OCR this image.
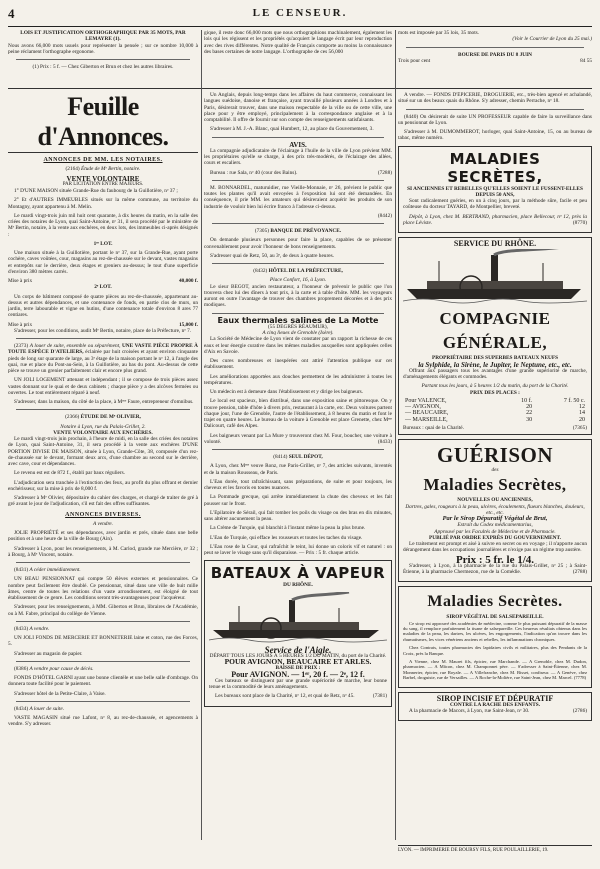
4	LE CENSEUR.
LOIS ET JUSTIFICATION ORTHOGRAPHIQUE PAR 35 MOTS, PAR LEMAYRE (1).
Nous avons 66,000 mots usuels pour représenter la pensée ; sur ce nombre 10,000 à peine réclament l'orthographe ergonome.
(1) Prix : 5 f. — Chez Giberton et Brun et chez les autres libraires.
gique, il reste donc 66,000 mots que nous orthographions machinalement, également les lois qui les régissent et les propriétés qu'acquiert le langage écrit par leur reproduction avec des rives différentes. Notre qualité de Français comporte au moins la connaissance des bases certaines de notre langage. L'orthographe de ces 56,000
mots est imposée par 35 lois, 35 mots.
(Voir le Courrier de Lyon du 25 mai.)
BOURSE DE PARIS DU 8 JUIN
Trois pour cent	84 55
Feuille d'Annonces.
ANNONCES DE MM. LES NOTAIRES.

(2164) Étude de Mᵉ Bertin, notaire.

VENTE VOLONTAIRE
PAR LICITATION ENTRE MAJEURS.

1° D'UNE MAISON située Grande-Rue du faubourg de la Guillotière, nᵒ 37 ;

2° Et d'AUTRES IMMEUBLES situés sur la même commune, au territoire du Montagny, ayant appartenu à M. Melin.

Le mardi vingt-trois juin mil huit cent quarante, à dix heures du matin, en la salle des criées des notaires de Lyon, quai Saint-Antoine, nᵒ 31, il sera procédé par le ministère de Mᵉ Bertin, notaire, à la vente aux enchères, en deux lots, des immeubles ci-après désignés :

1ᵉʳ LOT.

Une maison située à la Guillotière, portant le nᵒ 37, sur la Grande-Rue, ayant porte cochère, caves voûtées, cour, magasins au rez-de-chaussée sur le devant, vastes magasins et entrepôts sur le derrière, deux étages et greniers au-dessus; le tout d'une superficie d'environ 380 mètres carrés.

Mise à prix	40,000 f.

2ᵉ LOT.

Un corps de bâtiment composé de quatre pièces au rez-de-chaussée, appartenant au-dessus et autres dépendances, et une contenance de fonds, en partie clos de murs, un jardin, terre labourable et vigne en hutins, d'une contenance totale d'environ 8 ares 77 centiares.

Mise à prix	15,000 f.

S'adresser, pour les conditions, audit Mᵉ Bertin, notaire, place de la Préfecture, nᵒ 7.

(2373) A louer de suite, ensemble ou séparément, UNE VASTE PIÈCE PROPRE À TOUTE ESPÈCE D'ATELIERS, éclairée par huit croisées et ayant environ cinquante pieds de long sur quarante de large, au 3ᵉ étage de la maison portant le nᵒ 12, à l'angle des quai, rue et place du Pont-au-Sein, à la Guillotière, au bas du pont. Au-dessus de cette pièce se trouve un grenier parfaitement clair et encore plus grand.

UN JOLI LOGEMENT attenant et indépendant ; il se compose de trois pièces assez vastes donnant sur le quai et de deux cabinets ; chaque pièce y a des alcôves fermées ou ouvertes. Le tout entièrement réparé à neuf.

S'adresser, dans la maison, du côté de la place, à Mᵐᵉ Faure, entrepreneur d'omnibus.

(2366) ÉTUDE DE Mᵉ OLIVIER,

Notaire à Lyon, rue du Palais-Grillet, 2.
VENTE VOLONTAIRE AUX ENCHÈRES.

Le mardi vingt-trois juin prochain, à l'heure de midi, en la salle des criées des notaires de Lyon, quai Saint-Antoine, 31, il sera procédé à la vente aux enchères D'UNE PORTION DIVISE DE MAISON, située à Lyon, Grande-Côte, 38, composée d'un rez-de-chaussée sur le devant, formant deux arcs, d'une chambre au second sur le derrière, avec cave, cour et dépendances.

Le revenu est est de 872 f., établi par baux réguliers.

L'adjudication sera tranchée à l'extinction des feux, au profit du plus offrant et dernier enchérisseur, sur la mise à prix de 8,000 f.

S'adresser à Mᵉ Olivier, dépositaire du cahier des charges, et chargé de traiter de gré à gré avant le jour de l'adjudication, s'il est fait des offres suffisantes.

ANNONCES DIVERSES.

A vendre.

JOLIE PROPRIÉTÉ et ses dépendances, avec jardin et prés, située dans une belle position et à une heure de la ville de Bourg (Ain).

S'adresser à Lyon, pour les renseignements, à M. Carlod, grande rue Mercière, nᵒ 32 ; à Bourg, à Mᵉ Vincent, notaire.

(8431) A céder immédiatement.

UN BEAU PENSIONNAT qui compte 50 élèves externes et pensionnaires. Ce nombre peut facilement être doublé. Ce pensionnat, situé dans une ville de huit mille âmes, centre de toutes les relations d'un vaste arrondissement, est éloigné de tout établissement de ce genre. Les conditions seront très-avantageuses pour l'acquéreur.

S'adresser, pour les renseignements, à MM. Giberton et Brun, libraires de l'Académie, ou à M. Fabre, principal du collège de Vienne.

(8433) A vendre.

UN JOLI FONDS DE MERCERIE ET BONNETERIE laine et coton, rue des Forces, 5.

S'adresser au magasin de papier.

(8386) A vendre pour cause de décès.

FONDS D'HÔTEL GARNI ayant une bonne clientèle et une belle salle d'ombrage. On donnera toute facilité pour le paiement.

S'adresser hôtel de la Petite-Claire, à Vaise.

(8434) A louer de suite.

VASTE MAGASIN situé rue Lafont, nᵒ 8, au rez-de-chaussée, et agencements à vendre. S'y adresser.

Un Anglais, depuis long-temps dans les affaires du haut commerce, connaissant les langues suédoise, danoise et française, ayant travaillé plusieurs années à Londres et à Paris, désirerait trouver, dans une maison respectable de la ville ou de cette ville, une place pour y être employé, principalement à la correspondance anglaise et à la comptabilité. Il offre de fournir sur son compte des renseignements satisfaisants.

S'adresser à M. J.-A. Blanc, quai Humbert, 12, au place du Gouvernement, 3.

AVIS.

La compagnie adjudicataire de l'éclairage à l'huile de la ville de Lyon prévient MM. les propriétaires qu'elle se charge, à des prix très-modérés, de l'éclairage des allées, cours et escaliers.

Bureau : rue Sala, nᵒ 40 (cour des Bains).	(7288)

M. BONNARDEL, maturuidier, rue Vieille-Monnaie, nᵒ 26, prévient le public que toutes les plantes qu'il avait envoyées à l'exposition lui ont été demandées. En conséquence, il prie MM. les amateurs qui désireraient acquérir les produits de son industrie de vouloir bien lui écrire franco à l'adresse ci-dessus.

(8442)

(7305) BANQUE DE PRÉVOYANCE.

On demande plusieurs personnes pour faire la place, capables de se présenter convenablement pour avoir l'honneur de bons renseignements.

S'adresser quai de Retz, 50, au 3ᵉ, de deux à quatre heures.

(8432) HÔTEL DE LA PRÉFECTURE,

Place Confort, 16, à Lyon.

Le sieur BEGOT, ancien restaurateur, a l'honneur de prévenir le public que l'on trouvera chez lui des dîners à tout prix, à la carte et à table d'hôte. MM. les voyageurs auront en outre l'avantage de trouver des chambres proprement décorées et à des prix modiques.

Eaux thermales salines de La Motte
(55 DEGRÉS RÉAUMUR),
A cinq lieues de Grenoble (Isère).

La Société de Médecine de Lyon vient de constater par un rapport la richesse de ces eaux et leur énergie curative dans les mêmes maladies auxquelles sont appliquées celles d'Aix en Savoie.

Des cures nombreuses et inespérées ont attiré l'attention publique sur cet établissement.

Les améliorations apportées aux douches permettent de les administrer à toutes les températures.

Un médecin est à demeure dans l'établissement et y dirige les baigneurs.

Le local est spacieux, bien distribué, dans une exposition saine et pittoresque. On y trouve pension, table d'hôte à divers prix, restaurant à la carte, etc. Deux voitures partent chaque jour, l'une de Grenoble, l'autre de l'établissement, à 8 heures du matin et font le trajet en quatre heures. Le bureau de la voiture à Grenoble est place Grenette, chez Mᵐᵉ Dalicourt, café des Alpes.

Les baigneurs venant par La Mure y trouveront chez M. Four, boucher, une voiture à volonté.	(8433)

(8414) SEUL DÉPOT,

A Lyon, chez Mᵐᵉ veuve Ronz, rue Paris-Grillet, nᵒ 7, des articles suivants, inventés et de la maison Rousseau, de Paris.

L'Eau dorée, tout rafraîchissant, sans préparations, de suite et pour toujours, les cheveux et les favoris en toutes nuances.

La Pommade grecque, qui arrête immédiatement la chute des cheveux et les fait pousser sur le front.

L'Epilatoire de Sérail, qui fait tomber les poils du visage ou des bras en dix minutes, sans altérer aucunement la peau.

La Crème de Turquie, qui blanchit à l'instant même la peau la plus brune.

L'Eau de Turquie, qui efface les rousseurs et toutes les taches du visage.

L'Eau rose de la Cour, qui rafraîchit le teint, lui donne un coloris vif et naturel : on peut se laver le visage sans qu'il disparaisse. — Prix : 5 fr. chaque article.

BATEAUX À VAPEUR
DU RHÔNE.
Service de l'Aigle.
DÉPART TOUS LES JOURS À 5 HEURES 1/2 DU MATIN, du port de la Charité.
POUR AVIGNON, BEAUCAIRE ET ARLES.
BAISSE DE PRIX :
Pour AVIGNON. — 1ᵉʳ, 20 f. — 2ᵉ, 12 f.

Ces bateaux se distinguent par une grande supériorité de marche, leur bonne tenue et la commodité de leurs aménagements.

Les bureaux sont place de la Charité, nᵒ 12, et quai de Retz, nᵒ 45.	(7381)

A vendre. — FONDS D'ÉPICERIE, DROGUERIE, etc., très-bien agencé et achalandé, situé sur un des beaux quais du Rhône. S'y adresser, chemin Perrache, nᵒ 18.

(8440) On désirerait de suite UN PROFESSEUR capable de faire la surveillance dans un pensionnat de Lyon.

S'adresser à M. DUMOMMEROT, horloger, quai Saint-Antoine, 15, ou au bureau de tabac, même numéro.

MALADIES SECRÈTES,
SI ANCIENNES ET REBELLES QU'ELLES SOIENT LE FUSSENT-ELLES DEPUIS 50 ANS,

Sont radicalement guéries, en un à cinq jours, par la méthode sûre, facile et peu coûteuse du docteur TAYARD, de Montpellier, breveté.

Dépôt, à Lyon, chez M. BERTRAND, pharmacien, place Bellecour, nᵒ 12, près la place Léviste.	(8770)

SERVICE DU RHÔNE.
COMPAGNIE GÉNÉRALE,
PROPRIÉTAIRE DES SUPERBES BATEAUX NEUFS
la Sylphide, la Sirène, le Jupiter, le Neptune, etc., etc.

Offrant aux passagers tous les avantages d'une grande supériorité de marche, d'aménagements élégants et commodes.

Partant tous les jours, à 5 heures 1/2 du matin, du port de la Charité.
PRIX DES PLACES :
Pour VALENCE,	10 f.	7 f. 50 c.
— AVIGNON,	20	12
— BEAUCAIRE,	22	14
— MARSEILLE,	30	20
Bureaux : quai de la Charité.	(7365)
GUÉRISON
des
Maladies Secrètes,
NOUVELLES OU ANCIENNES,
Dartres, gales, rougeurs à la peau, ulcères, écoulements, flueurs blanches, douleurs, etc., etc.
Par le Sirop Dépuratif Végétal de Brut,
Extrait du Codex médicamentarius,
Approuvé par les Facultés de Médecine et de Pharmacie.
PUBLIÉ PAR ORDRE EXPRÈS DU GOUVERNEMENT.

Le traitement est prompt et aisé à suivre en secret ou en voyage ; il n'apporte aucun dérangement dans les occupations journalières et n'exige pas un régime trop austère.

Prix : 5 fr. le 1/4.

S'adresser, à Lyon, à la pharmacie de la rue du Palais-Grillet, nᵒ 25 ; à Saint-Étienne, à la pharmacie Chermezon, rue de la Comédie.	(2788)

Maladies Secrètes.
SIROP VÉGÉTAL DE SALSEPAREILLE.

Ce sirop est approuvé des académies de médecine, comme le plus puissant dépuratif de la masse du sang, il remplace parfaitement la tisane de salsepareille. Ces heureux résultats obtenus dans les maladies de la peau, les dartres, les ulcères, les engorgements, l'indication qu'on trouve dans les rhumatismes, les vices vénériens anciens et rebelles, les inflammations chroniques.

Chez Contrats, toutes pharmacies des lapidaires civils et militaires, plus des Pendants de la Croix, près la Banque.

A Vienne, chez M. Mauret fils, épicier, rue Marchande. — A Grenoble, chez M. Dudon, pharmacien. — A Mâcon, chez M. Champonnet père. — S'adresser à Saint-Étienne, chez M. Monnerier, épicier, rue Royale. — A Villefranche, chez M. Bisset, confiseur. — A Genève, chez Barbel, droguiste, rue de Versailles. — A Roche-la-Molière, rue Saint-Jean, chez M. Marcel. (7778)

SIROP INCISIF ET DÉPURATIF
CONTRE LA RACHE DES ENFANTS.

A la pharmacie de Macors, à Lyon, rue Saint-Jean, nᵒ 30.	(2786)

LYON. — IMPRIMERIE DE BOURSY FILS, RUE POULAILLERIE, 19.
